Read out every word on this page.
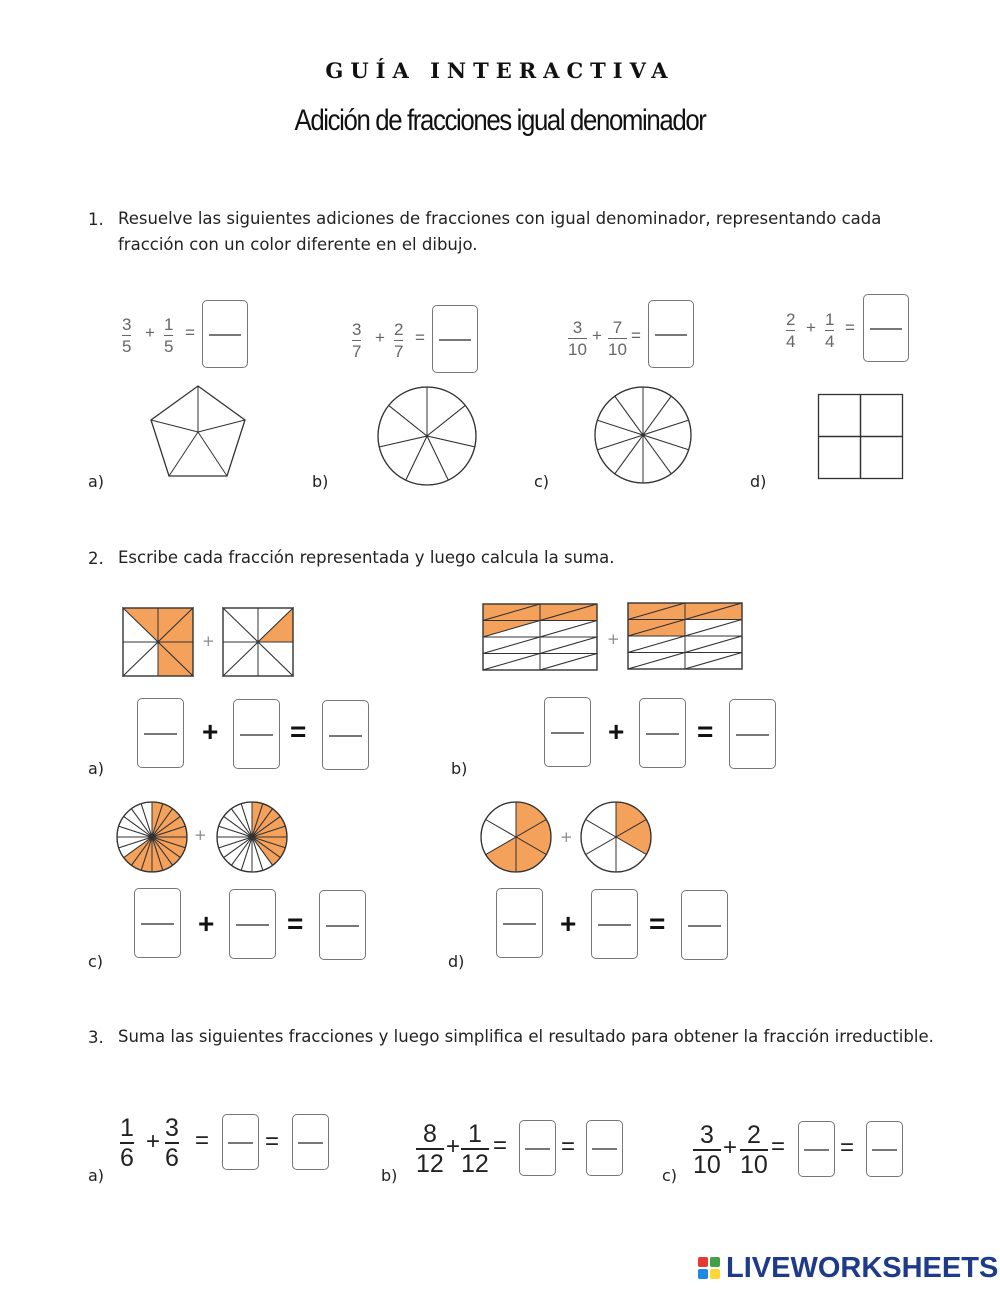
GUÍA INTERACTIVA
Adición de fracciones igual denominador
1. Resuelve las siguientes adiciones de fracciones con igual denominador, representando cada fracción con un color diferente en el dibujo.
3
5
+ 1
5
=
a)
3
7
+ 2
7
=
b)
3
10
+ 7
10
=
c)
2
4
+ 1
4
=
d)
2. Escribe cada fracción representada y luego calcula la suma.
+
+	=
a)
+
+	=
b)
+
+	=
c)
+
+	=
d)
3. Suma las siguientes fracciones y luego simplifica el resultado para obtener la fracción irreductible.
1
6
+ 3
6
= =
a)
8
12
+ 1
12
= =
b)
3
10
+ 2
10
= =
c)
LIVEWORKSHEETS
